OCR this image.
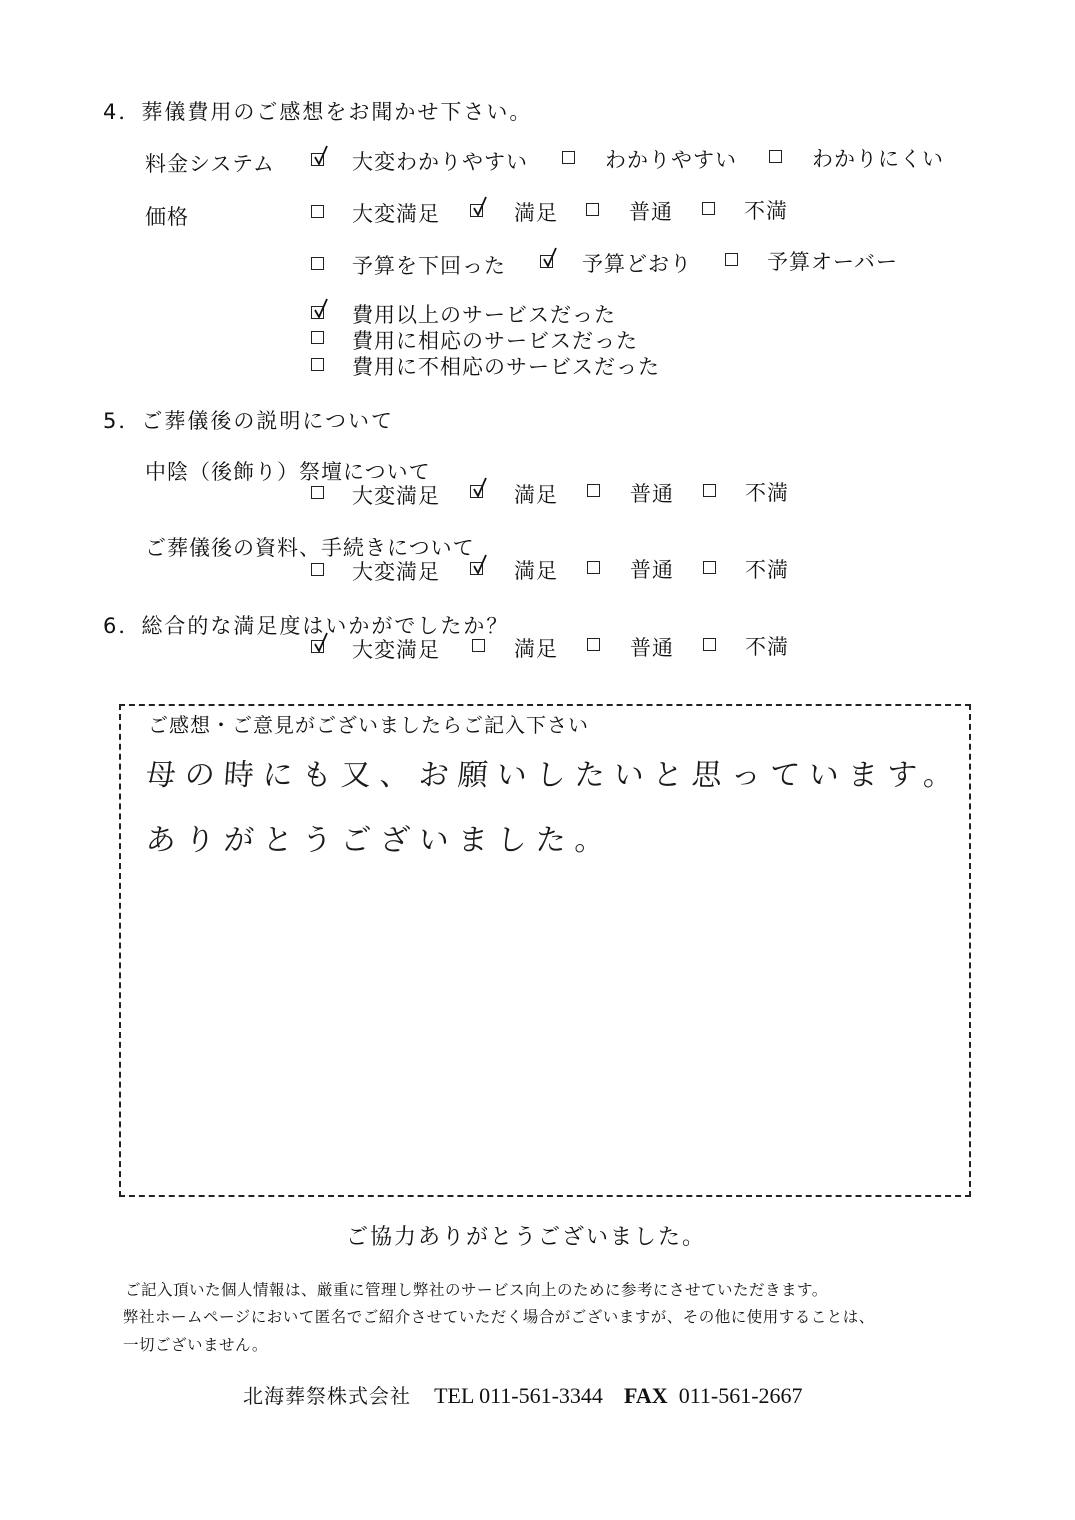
4．葬儀費用のご感想をお聞かせ下さい。
料金システム	大変わかりやすい	わかりやすい	わかりにくい
価格	大変満足	満足	普通	不満
予算を下回った	予算どおり	予算オーバー
費用以上のサービスだった
費用に相応のサービスだった
費用に不相応のサービスだった
5．ご葬儀後の説明について
中陰（後飾り）祭壇について
大変満足	満足	普通	不満
ご葬儀後の資料、手続きについて
大変満足	満足	普通	不満
6．総合的な満足度はいかがでしたか？
大変満足	満足	普通	不満
ご感想・ご意見がございましたらご記入下さい
母の時にも又、お願いしたいと思っています。
ありがとうございました。
ご協力ありがとうございました。
ご記入頂いた個人情報は、厳重に管理し弊社のサービス向上のために参考にさせていただきます。
弊社ホームページにおいて匿名でご紹介させていただく場合がございますが、その他に使用することは、
一切ございません。
北海葬祭株式会社 TEL 011-561-3344 FAX 011-561-2667
